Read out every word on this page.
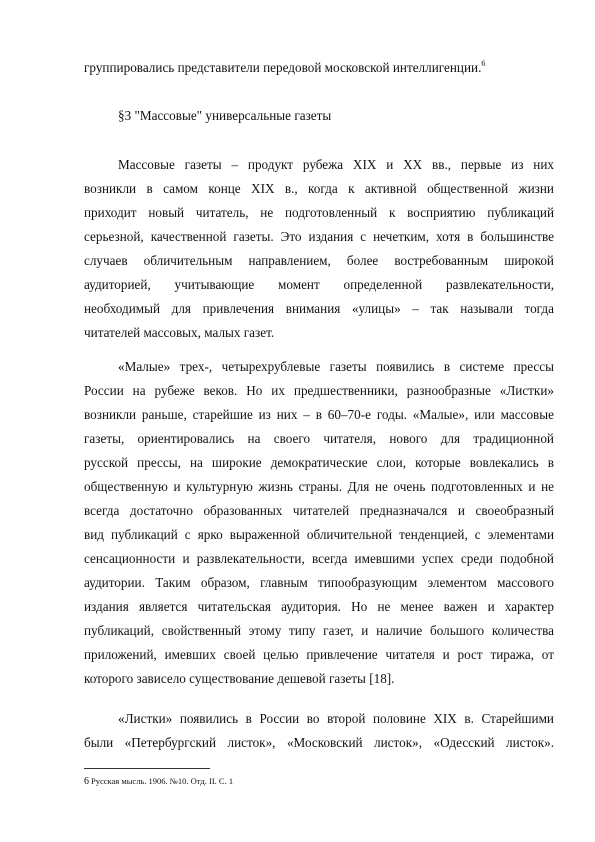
группировались представители передовой московской интеллигенции.$^6$
§3 "Массовые" универсальные газеты
Массовые газеты – продукт рубежа XIX и XX вв., первые из них
возникли в самом конце XIX в., когда к активной общественной жизни
приходит новый читатель, не подготовленный к восприятию публикаций
серьезной, качественной газеты. Это издания с нечетким, хотя в большинстве
случаев обличительным направлением, более востребованным широкой
аудиторией, учитывающие момент определенной развлекательности,
необходимый для привлечения внимания «улицы» – так называли тогда
читателей массовых, малых газет.
«Малые» трех-, четырехрублевые газеты появились в системе прессы
России на рубеже веков. Но их предшественники, разнообразные «Листки»
возникли раньше, старейшие из них – в 60–70-е годы. «Малые», или массовые
газеты, ориентировались на своего читателя, нового для традиционной
русской прессы, на широкие демократические слои, которые вовлекались в
общественную и культурную жизнь страны. Для не очень подготовленных и не
всегда достаточно образованных читателей предназначался и своеобразный
вид публикаций с ярко выраженной обличительной тенденцией, с элементами
сенсационности и развлекательности, всегда имевшими успех среди подобной
аудитории. Таким образом, главным типообразующим элементом массового
издания является читательская аудитория. Но не менее важен и характер
публикаций, свойственный этому типу газет, и наличие большого количества
приложений, имевших своей целью привлечение читателя и рост тиража, от
которого зависело существование дешевой газеты [18].
«Листки» появились в России во второй половине XIX в. Старейшими
были «Петербургский листок», «Московский листок», «Одесский листок».
6 Русская мысль. 1906. №10. Отд. II. С. 1
